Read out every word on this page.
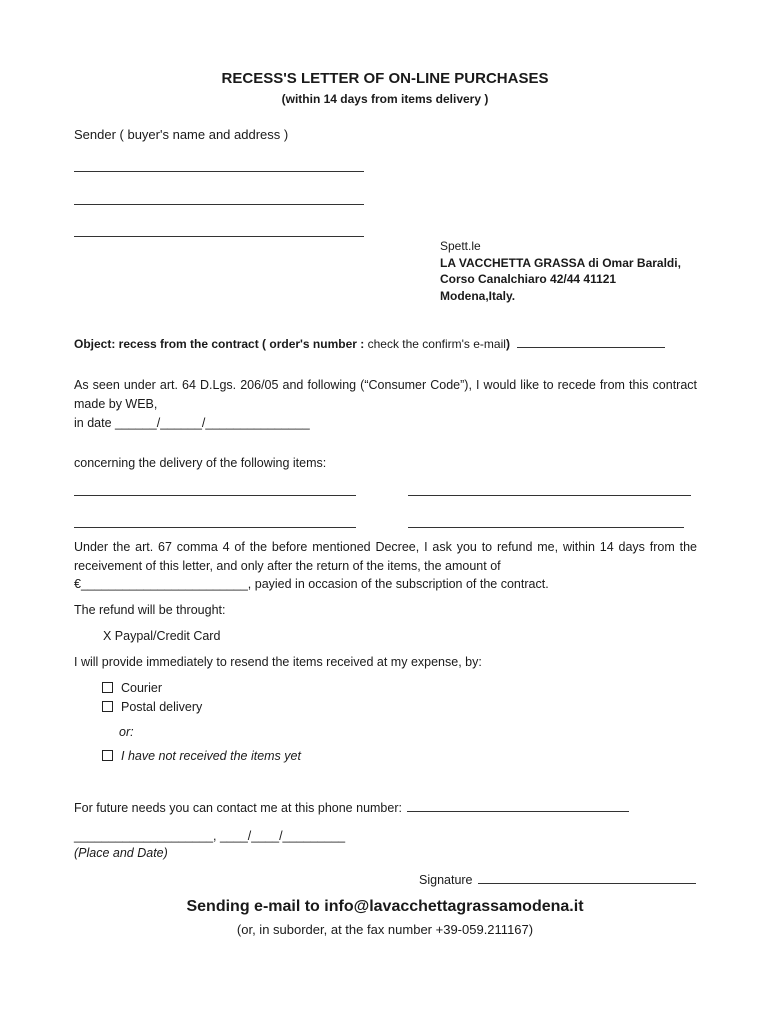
RECESS'S LETTER OF ON-LINE PURCHASES
(within 14 days from items delivery )
Sender ( buyer's name and address )
Spett.le
LA VACCHETTA GRASSA di Omar Baraldi,
Corso Canalchiaro 42/44 41121
Modena,Italy.
Object: recess from the contract ( order's number : check the confirm's e-mail)
As seen under art. 64 D.Lgs. 206/05 and following (“Consumer Code”), I would like to recede from this contract made by WEB,
in date ______/______/_______________
concerning the delivery of the following items:
Under the art. 67 comma 4 of the before mentioned Decree, I ask you to refund me, within 14 days from the receivement of this letter, and only after the return of the items, the amount of
€________________________, payied in occasion of the subscription of the contract.
The refund will be throught:
X Paypal/Credit Card
I will provide immediately to resend the items received at my expense, by:
Courier
Postal delivery
or:
I have not received the items yet
For future needs you can contact me at this phone number:
____________________, ____/____/_________
(Place and Date)
Signature
Sending e-mail to info@lavacchettagrassamodena.it
(or, in suborder, at the fax number +39-059.211167)
